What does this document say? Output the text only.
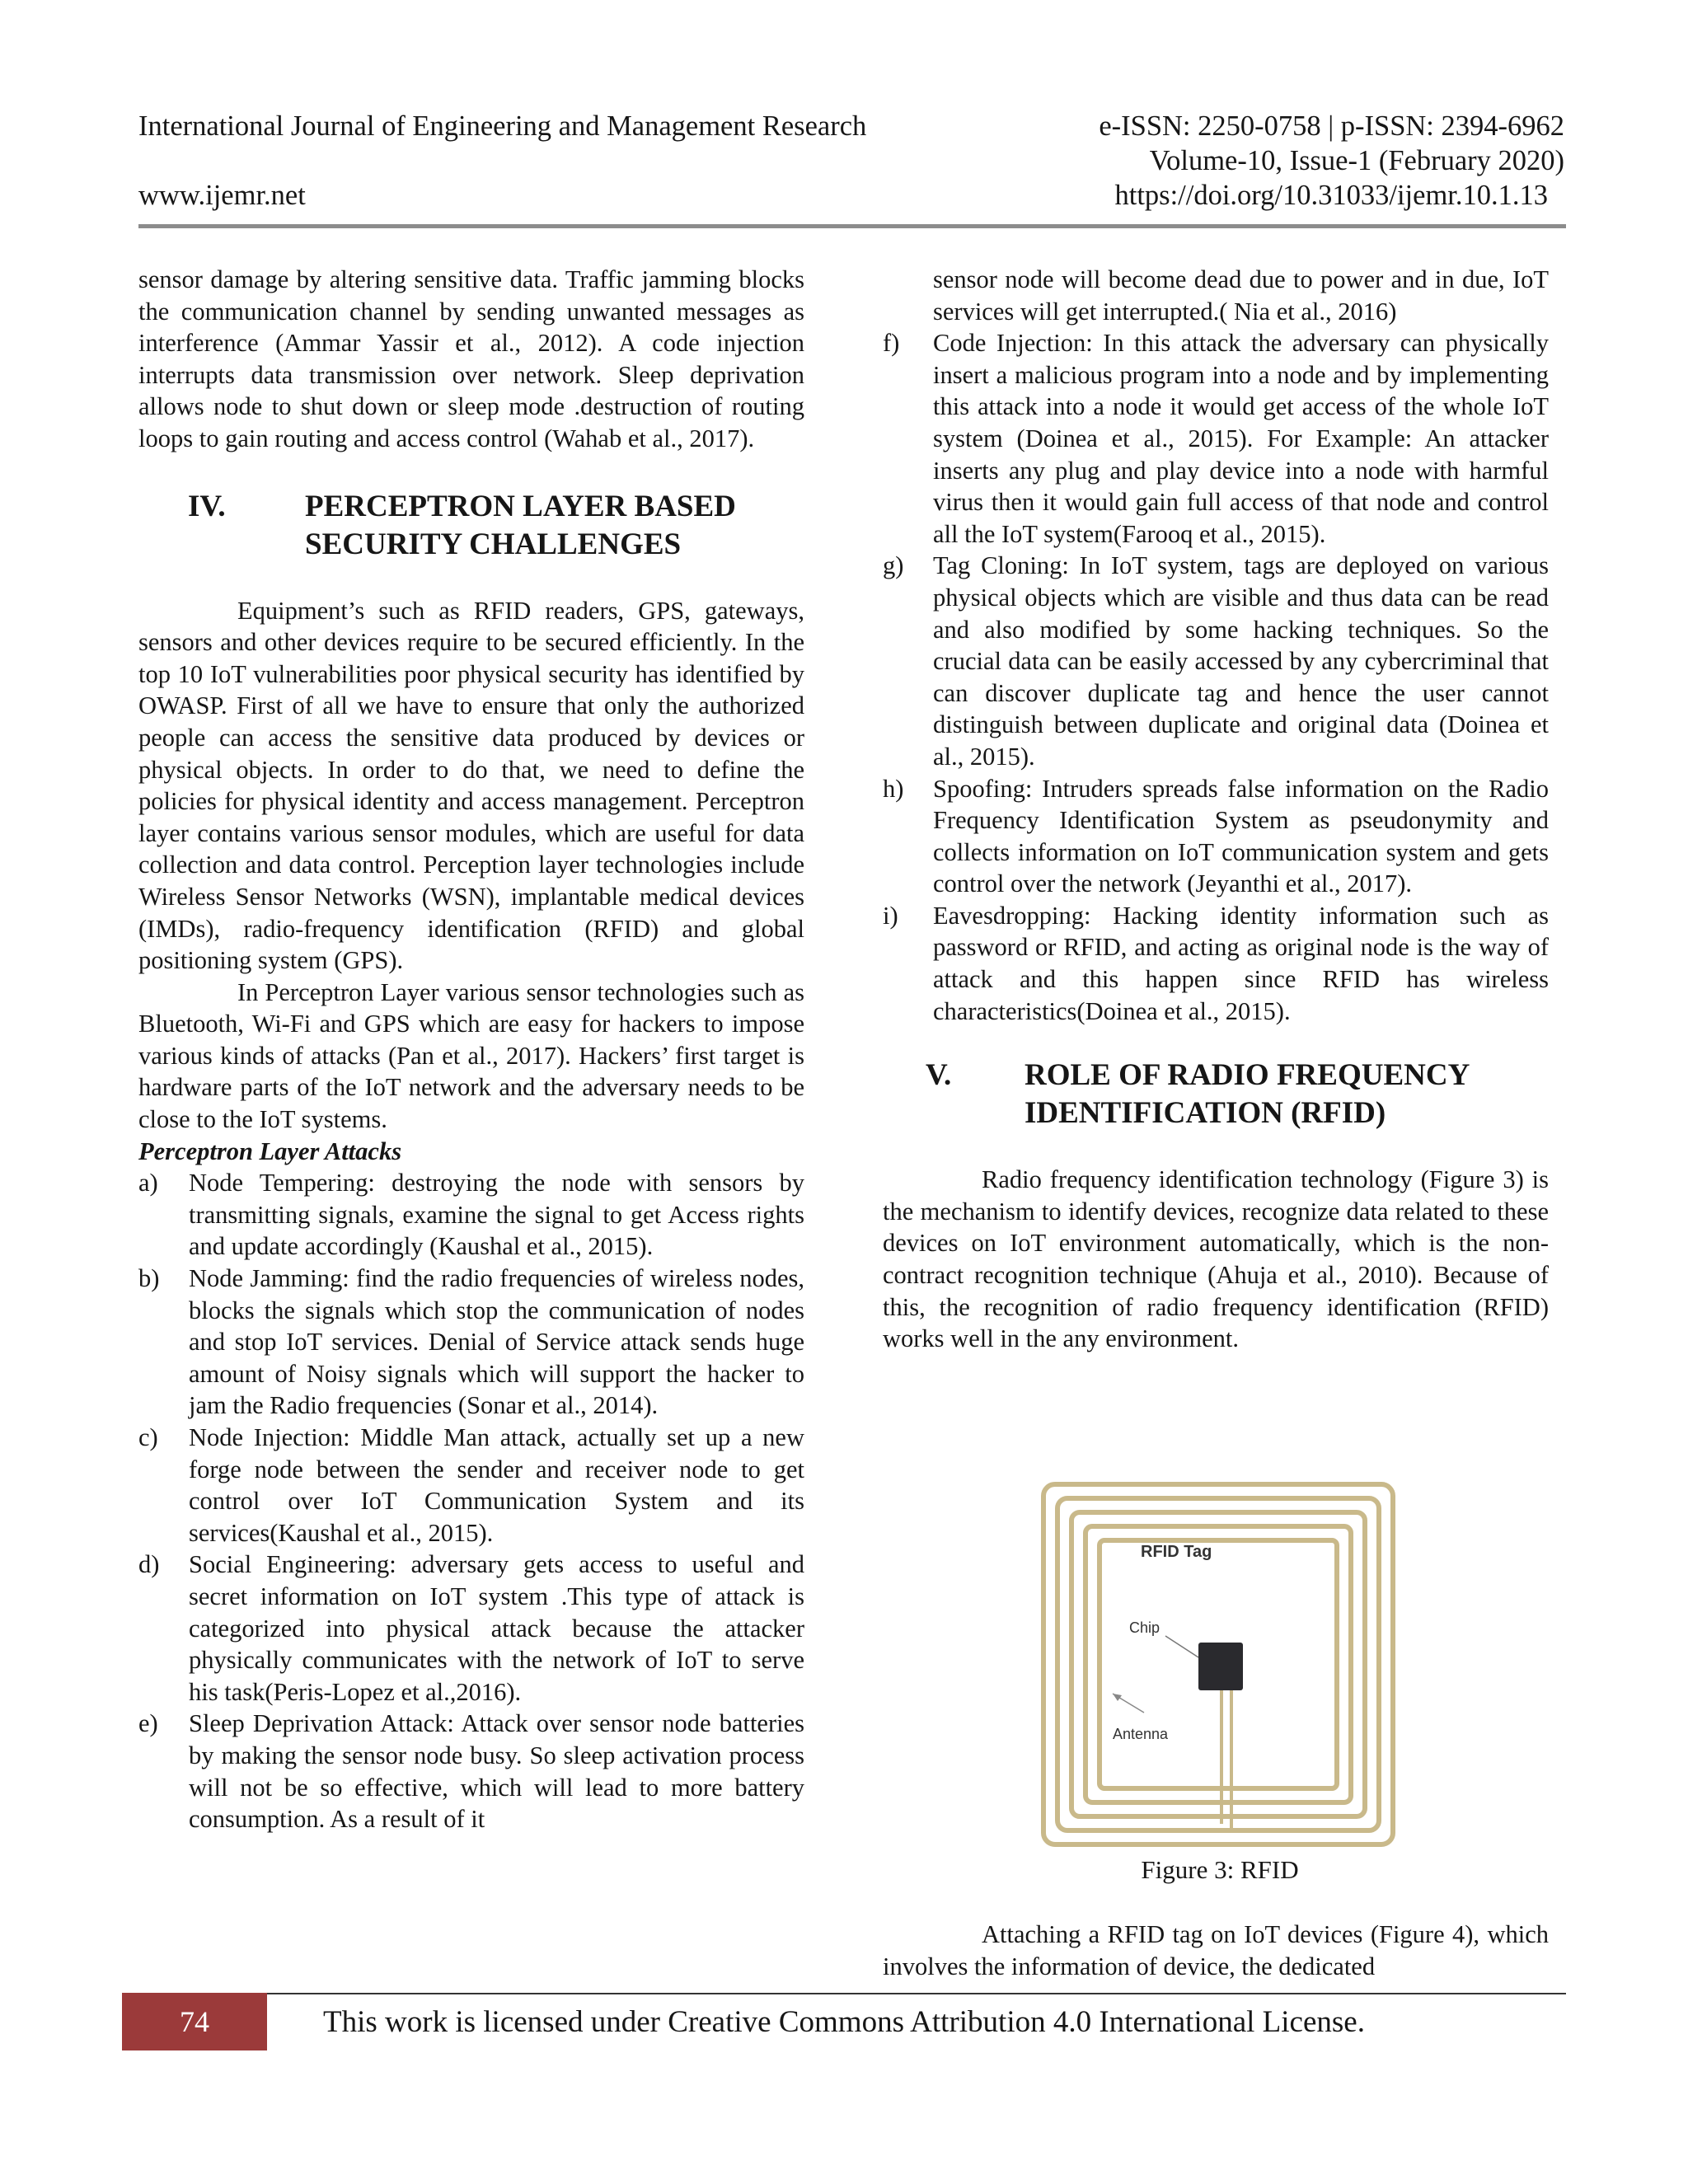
International Journal of Engineering and Management Research	e-ISSN: 2250-0758 | p-ISSN: 2394-6962
Volume-10, Issue-1 (February 2020)
www.ijemr.net	https://doi.org/10.31033/ijemr.10.1.13

sensor damage by altering sensitive data. Traffic jamming blocks the communication channel by sending unwanted messages as interference (Ammar Yassir et al., 2012). A code injection interrupts data transmission over network. Sleep deprivation allows node to shut down or sleep mode .destruction of routing loops to gain routing and access control (Wahab et al., 2017).

IV.	PERCEPTRON LAYER BASED
SECURITY CHALLENGES

Equipment’s such as RFID readers, GPS, gateways, sensors and other devices require to be secured efficiently. In the top 10 IoT vulnerabilities poor physical security has identified by OWASP. First of all we have to ensure that only the authorized people can access the sensitive data produced by devices or physical objects. In order to do that, we need to define the policies for physical identity and access management. Perceptron layer contains various sensor modules, which are useful for data collection and data control. Perception layer technologies include Wireless Sensor Networks (WSN), implantable medical devices (IMDs), radio-frequency identification (RFID) and global positioning system (GPS).

In Perceptron Layer various sensor technologies such as Bluetooth, Wi-Fi and GPS which are easy for hackers to impose various kinds of attacks (Pan et al., 2017). Hackers’ first target is hardware parts of the IoT network and the adversary needs to be close to the IoT systems.

Perceptron Layer Attacks

a) Node Tempering: destroying the node with sensors by transmitting signals, examine the signal to get Access rights and update accordingly (Kaushal et al., 2015).
b) Node Jamming: find the radio frequencies of wireless nodes, blocks the signals which stop the communication of nodes and stop IoT services. Denial of Service attack sends huge amount of Noisy signals which will support the hacker to jam the Radio frequencies (Sonar et al., 2014).
c) Node Injection: Middle Man attack, actually set up a new forge node between the sender and receiver node to get control over IoT Communication System and its services(Kaushal et al., 2015).
d) Social Engineering: adversary gets access to useful and secret information on IoT system .This type of attack is categorized into physical attack because the attacker physically communicates with the network of IoT to serve his task(Peris-Lopez et al.,2016).
e) Sleep Deprivation Attack: Attack over sensor node batteries by making the sensor node busy. So sleep activation process will not be so effective, which will lead to more battery consumption. As a result of it

sensor node will become dead due to power and in due, IoT services will get interrupted.( Nia et al., 2016)

f) Code Injection: In this attack the adversary can physically insert a malicious program into a node and by implementing this attack into a node it would get access of the whole IoT system (Doinea et al., 2015). For Example: An attacker inserts any plug and play device into a node with harmful virus then it would gain full access of that node and control all the IoT system(Farooq et al., 2015).
g) Tag Cloning: In IoT system, tags are deployed on various physical objects which are visible and thus data can be read and also modified by some hacking techniques. So the crucial data can be easily accessed by any cybercriminal that can discover duplicate tag and hence the user cannot distinguish between duplicate and original data (Doinea et al., 2015).
h) Spoofing: Intruders spreads false information on the Radio Frequency Identification System as pseudonymity and collects information on IoT communication system and gets control over the network (Jeyanthi et al., 2017).
i) Eavesdropping: Hacking identity information such as password or RFID, and acting as original node is the way of attack and this happen since RFID has wireless characteristics(Doinea et al., 2015).
V. ROLE OF RADIO FREQUENCY
IDENTIFICATION (RFID)

Radio frequency identification technology (Figure 3) is the mechanism to identify devices, recognize data related to these devices on IoT environment automatically, which is the non-contract recognition technique (Ahuja et al., 2010). Because of this, the recognition of radio frequency identification (RFID) works well in the any environment.

RFID Tag
Chip
Antenna
Figure 3: RFID

Attaching a RFID tag on IoT devices (Figure 4), which involves the information of device, the dedicated

74	This work is licensed under Creative Commons Attribution 4.0 International License.
